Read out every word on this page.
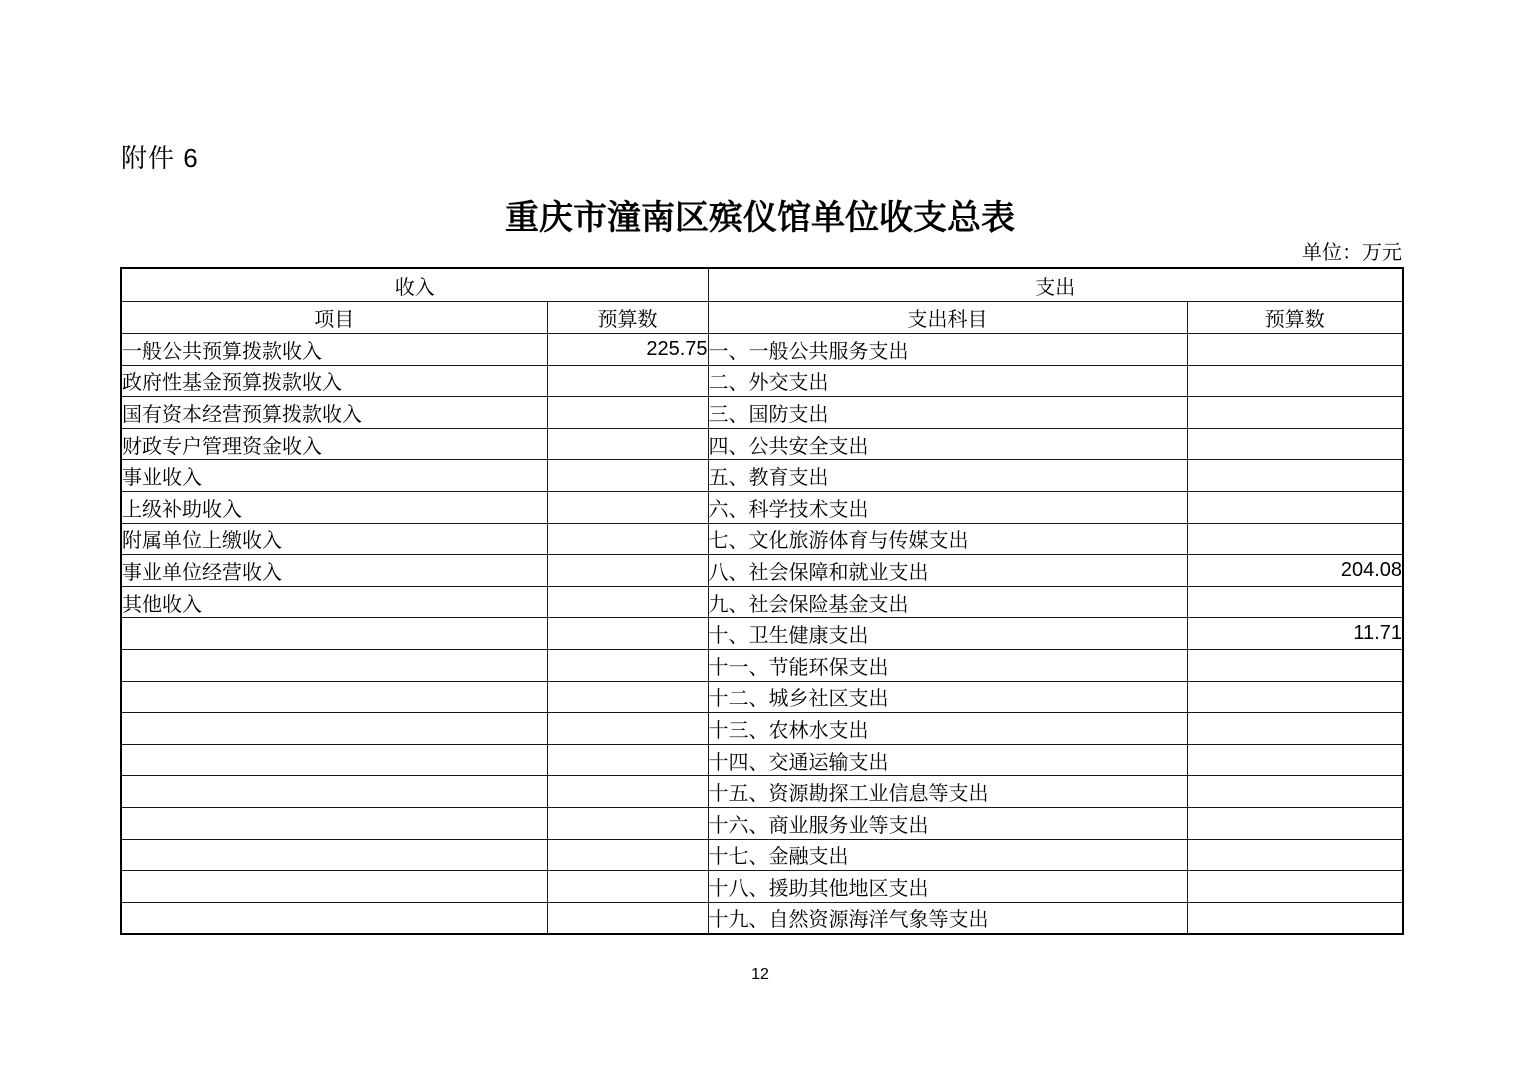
附件 6
重庆市潼南区殡仪馆单位收支总表
单位：万元
收入		支出	
项目	预算数	支出科目	预算数
一般公共预算拨款收入	225.75	一、一般公共服务支出	
政府性基金预算拨款收入		二、外交支出	
国有资本经营预算拨款收入		三、国防支出	
财政专户管理资金收入		四、公共安全支出	
事业收入		五、教育支出	
上级补助收入		六、科学技术支出	
附属单位上缴收入		七、文化旅游体育与传媒支出	
事业单位经营收入		八、社会保障和就业支出	204.08
其他收入		九、社会保险基金支出	
		十、卫生健康支出	11.71
		十一、节能环保支出	
		十二、城乡社区支出	
		十三、农林水支出	
		十四、交通运输支出	
		十五、资源勘探工业信息等支出	
		十六、商业服务业等支出	
		十七、金融支出	
		十八、援助其他地区支出	
		十九、自然资源海洋气象等支出	
12
